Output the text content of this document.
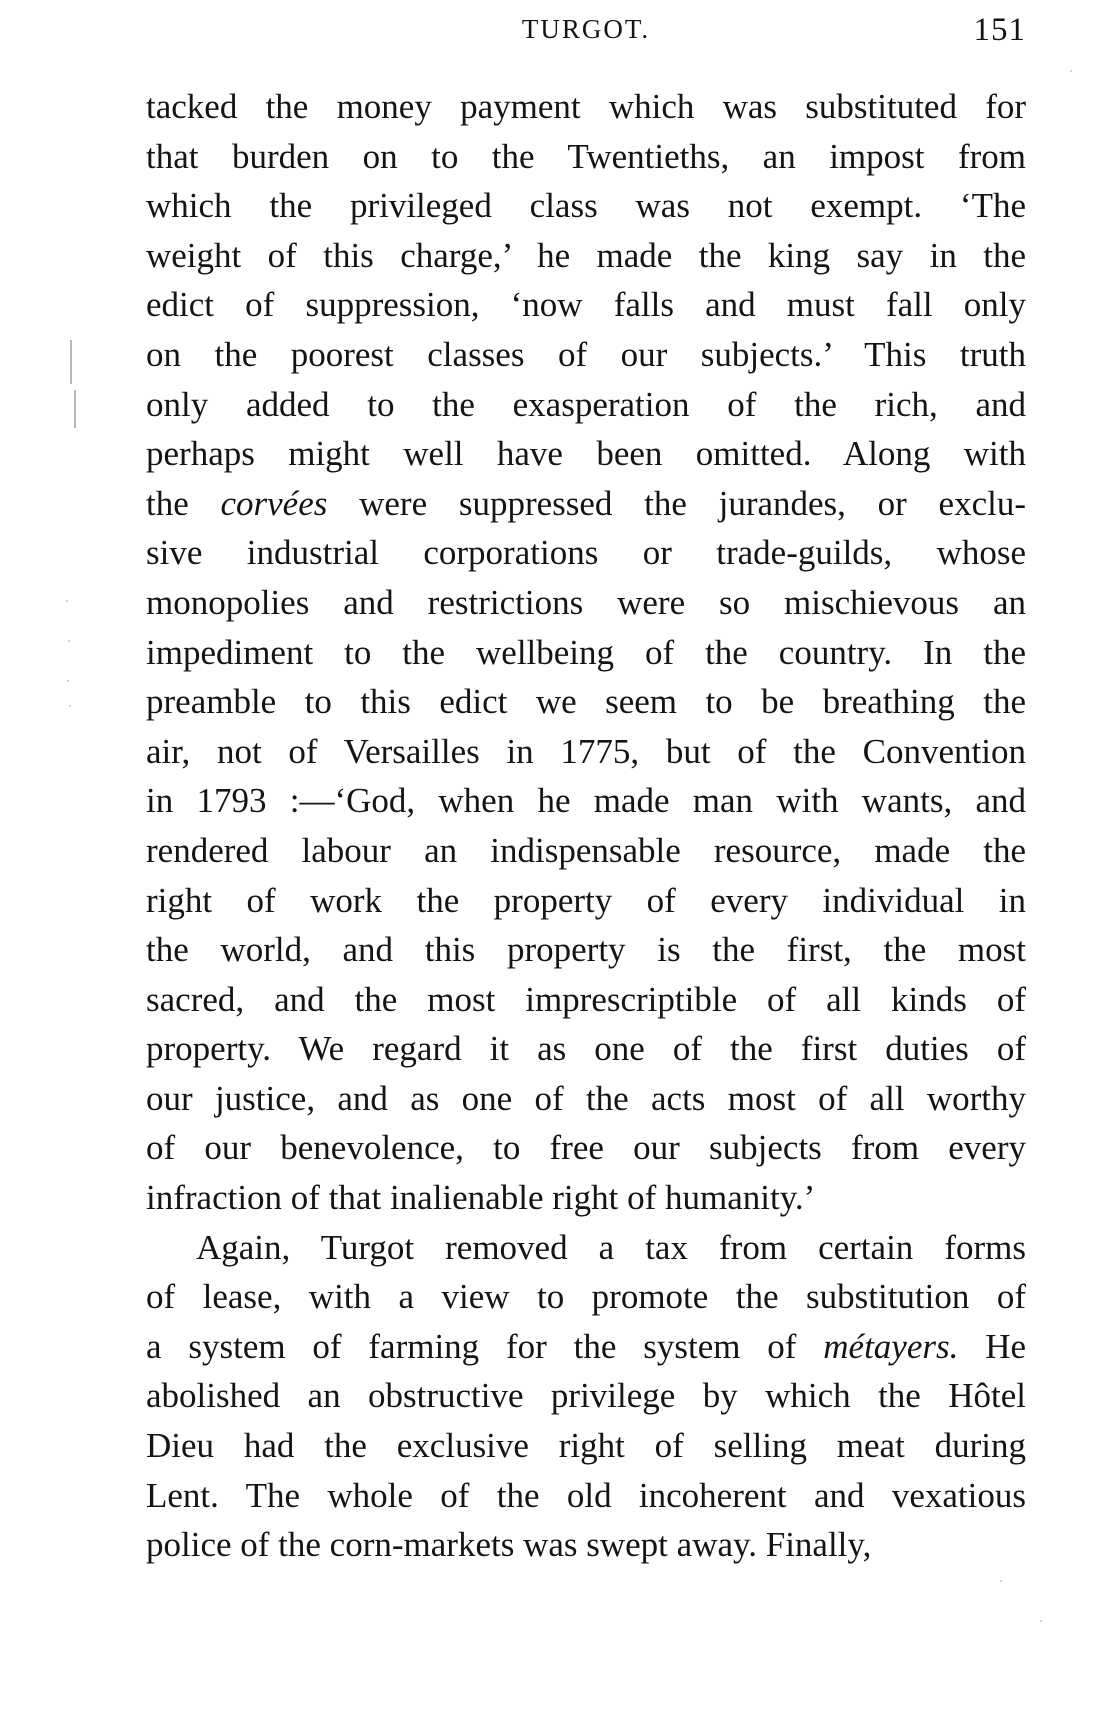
TURGOT.	151
tacked the money payment which was substituted for
that burden on to the Twentieths, an impost from
which the privileged class was not exempt. ‘The
weight of this charge,’ he made the king say in the
edict of suppression, ‘now falls and must fall only
on the poorest classes of our subjects.’ This truth
only added to the exasperation of the rich, and
perhaps might well have been omitted. Along with
the corvées were suppressed the jurandes, or exclu-
sive industrial corporations or trade-guilds, whose
monopolies and restrictions were so mischievous an
impediment to the wellbeing of the country. In the
preamble to this edict we seem to be breathing the
air, not of Versailles in 1775, but of the Convention
in 1793 :—‘God, when he made man with wants, and
rendered labour an indispensable resource, made the
right of work the property of every individual in
the world, and this property is the first, the most
sacred, and the most imprescriptible of all kinds of
property. We regard it as one of the first duties of
our justice, and as one of the acts most of all worthy
of our benevolence, to free our subjects from every
infraction of that inalienable right of humanity.’
Again, Turgot removed a tax from certain forms
of lease, with a view to promote the substitution of
a system of farming for the system of métayers. He
abolished an obstructive privilege by which the Hôtel
Dieu had the exclusive right of selling meat during
Lent. The whole of the old incoherent and vexatious
police of the corn-markets was swept away. Finally,
